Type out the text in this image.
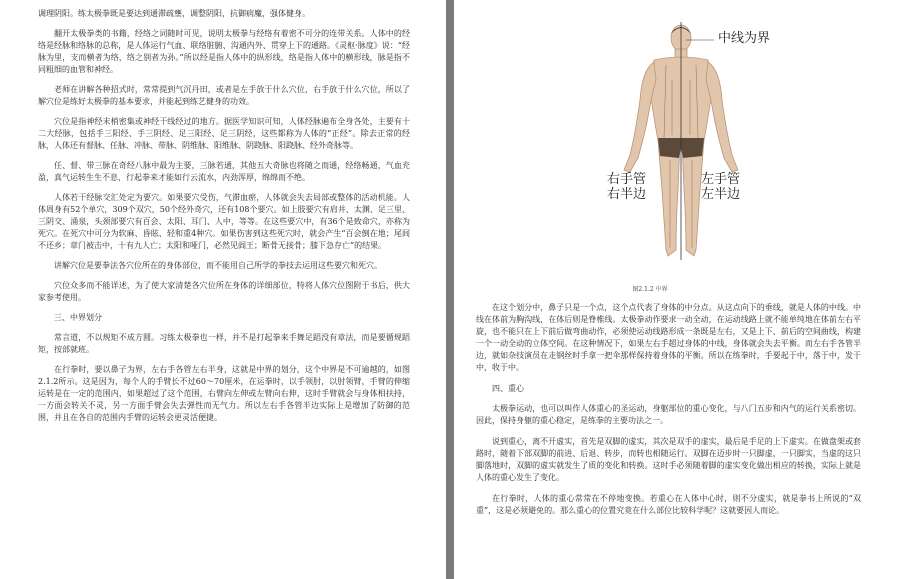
调理阴阳。练太极拳既是要达到通滞疏壅，调整阴阳，抗御病魔，强体健身。

翻开太极拳类的书籍，经络之词随时可见，说明太极拳与经络有着密不可分的连带关系。人体中的经络是经脉和络脉的总称，是人体运行气血、联络脏腑、沟通内外、贯穿上下的通路。《灵枢·脉度》说：“经脉为里，支而横者为络，络之别者为孙。”所以经是指人体中的纵形线，络是指人体中的横形线，脉是指不同粗细的血管和神经。

老师在讲解各种招式时，常常提到气沉丹田，或者是左手放于什么穴位，右手放于什么穴位，所以了解穴位是练好太极拳的基本要求，并能起到练艺健身的功效。

穴位是指神经末梢密集或神经干线经过的地方。据医学知识可知，人体经脉遍布全身各处，主要有十二大经脉，包括手三阳经、手三阴经、足三阳经、足三阴经，这些都称为人体的“正经”。除去正常的经脉，人体还有督脉、任脉、冲脉、带脉、阴维脉、阳维脉、阴跷脉、阳跷脉、经外奇脉等。

任、督、带三脉在奇经八脉中最为主要，三脉若通，其他五大奇脉也将随之而通，经络畅通，气血充盈，真气运转生生不息，行起拳来才能如行云流水，内劲浑厚，绵绵而不绝。

人体若干经脉交汇处定为要穴。如果要穴受伤，气滞血瘀，人体就会失去局部或整体的活动机能。人体周身有52个单穴，309个双穴，50个经外奇穴，还有108个要穴。如上肢要穴有肩井、太渊、足三里、三阴交、涌泉，头颈部要穴有百会、太阳、耳门、人中，等等。在这些要穴中，有36个是致命穴，亦称为死穴。在死穴中可分为软麻、昏眩、轻和重4种穴。如果伤害到这些死穴时，就会产生“百会倒在地；尾闾不还乡；章门被击中，十有九人亡；太阳和哑门，必然见阎王；断骨无接骨；膝下急存亡”的结果。

讲解穴位是要拳法各穴位所在的身体部位，而不能用自己所学的拳技去运用这些要穴和死穴。

穴位众多而不能详述，为了使大家清楚各穴位所在身体的详细部位，特将人体穴位图附于书后，供大家参考使用。

三、中界划分

常言道，不以规矩不成方圆。习练太极拳也一样，并不是打起拳来手舞足蹈没有章法，而是要循规蹈矩，按部就班。

在行拳时，要以鼻子为界，左右手各管左右半身，这就是中界的划分，这个中界是不可逾越的，如图2.1.2所示。这是因为，每个人的手臂长不过60～70厘米，在运拳时，以手领肘，以肘领臂，手臂的伸缩运转是在一定的范围内，如果超过了这个范围，右臂向左伸或左臂向右伸，这时手臂就会与身体相扶持，一方面会转关不灵，另一方面手臂会失去弹性而无气力。所以左右手各管半边实际上是增加了防御的范围，并且在各自的范围内手臂的运转会更灵活便捷。

中线为界
右手管
右半边
左手管
左半边
图2.1.2 中界

在这个划分中，鼻子只是一个点，这个点代表了身体的中分点。从这点向下的垂线，就是人体的中线。中线在体前为胸沟线，在体后则是脊椎线。太极拳动作要求一动全动，在运动线路上就不能单纯地在体前左右平旋，也不能只在上下前后做弯曲动作，必须使运动线路形成一条既是左右，又是上下、前后的空间曲线，构建一个一动全动的立体空间。在这种情况下，如果左右手超过身体的中线，身体就会失去平衡。而左右手各管半边，就如杂技演员在走钢丝时手拿一把伞那样保持着身体的平衡。所以在练拳时，手要起于中，落于中，发于中，收于中。

四、重心

太极拳运动，也可以叫作人体重心的圣运动，身躯部位的重心变化，与八门五步和内气的运行关系密切。因此，保持身躯的重心稳定，是练拳的主要功法之一。

说到重心，离不开虚实，首先是双脚的虚实，其次是双手的虚实，最后是手足的上下虚实。在做盘架或套路时，随着下部双脚的前进、后退、转步，而转也相随运行。双脚在迈步时一只脚虚，一只脚实，当虚的这只脚落地时，双脚的虚实就发生了质的变化和转换。这时手必须随着脚的虚实变化做出相应的转换，实际上就是人体的重心发生了变化。

在行拳时，人体的重心常常在不停地变换。若重心在人体中心时，则不分虚实，就是拳书上所说的“双重”，这是必须避免的。那么重心的位置究竟在什么部位比较科学呢？这就要因人而论。
